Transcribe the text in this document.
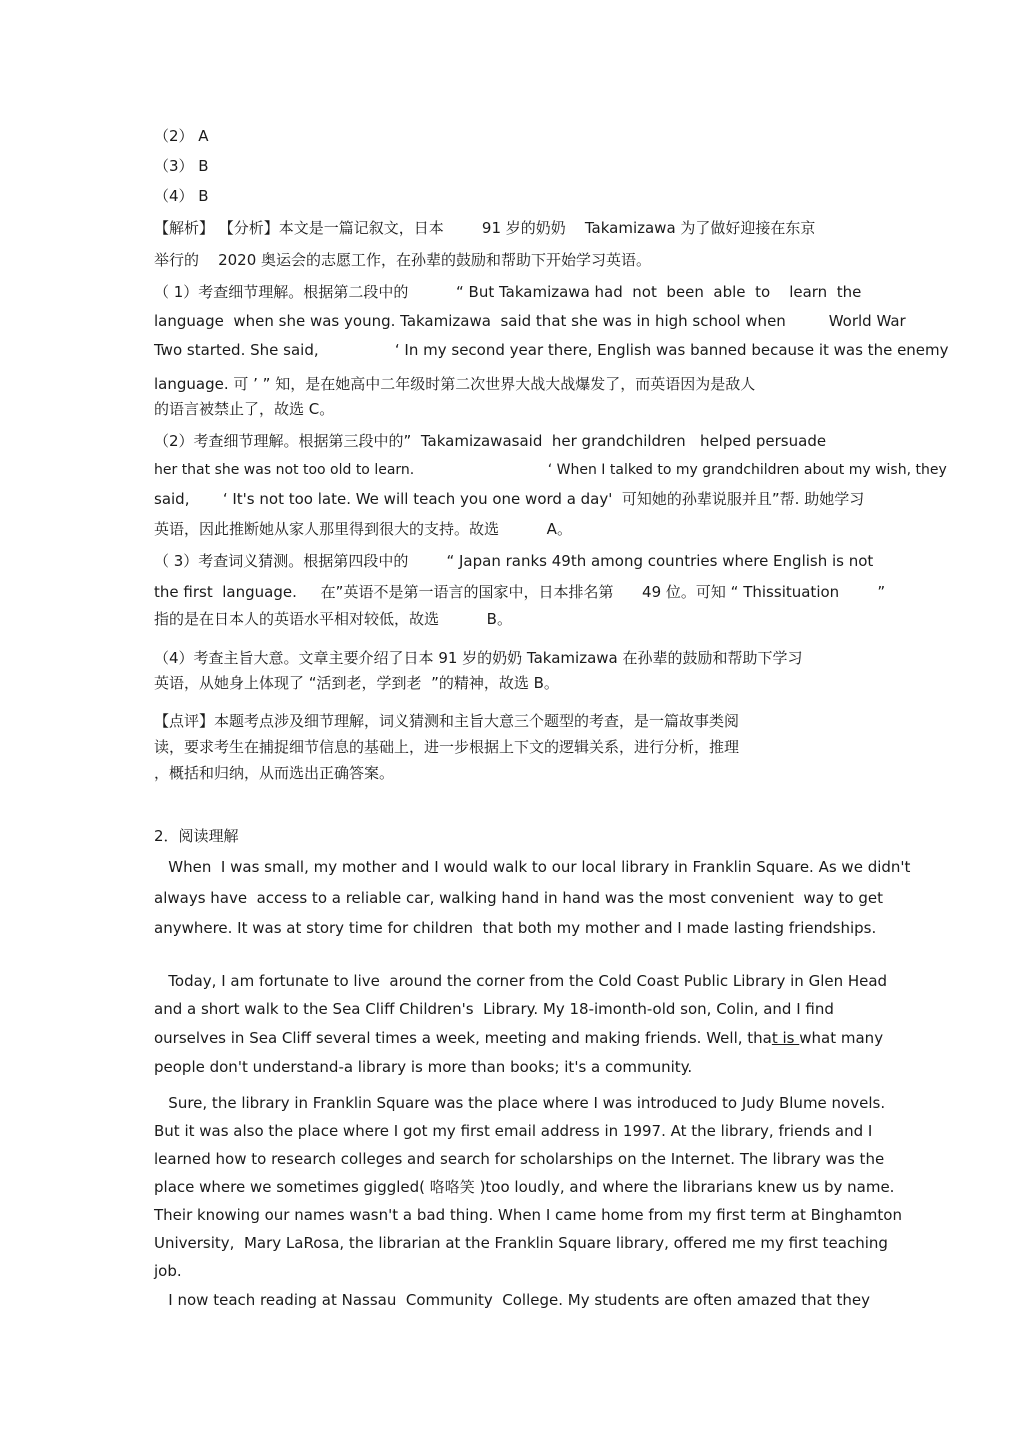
（2） A
（3） B
（4） B
【解析】 【分析】本文是一篇记叙文，日本        91 岁的奶奶    Takamizawa 为了做好迎接在东京
举行的    2020 奥运会的志愿工作，在孙辈的鼓励和帮助下开始学习英语。
（ 1）考查细节理解。根据第二段中的          “ But Takamizawa had  not  been  able  to    learn  the
language  when she was young. Takamizawa  said that she was in high school when         World War
Two started. She said,                ‘ In my second year there, English was banned because it was the enemy
language. 可 ’ ” 知，是在她高中二年级时第二次世界大战大战爆发了，而英语因为是敌人
的语言被禁止了，故选 C。
（2）考查细节理解。根据第三段中的”  Takamizawasaid  her grandchildren   helped persuade
her that she was not too old to learn.                              ‘ When I talked to my grandchildren about my wish, they
said,       ‘ It's not too late. We will teach you one word a day'  可知她的孙辈说服并且”帮. 助她学习
英语，因此推断她从家人那里得到很大的支持。故选          A。
（ 3）考查词义猜测。根据第四段中的        “ Japan ranks 49th among countries where English is not
the first  language.     在”英语不是第一语言的国家中，日本排名第      49 位。可知 “ Thissituation        ”
指的是在日本人的英语水平相对较低，故选          B。
（4）考查主旨大意。文章主要介绍了日本 91 岁的奶奶 Takamizawa 在孙辈的鼓励和帮助下学习
英语，从她身上体现了 “活到老，学到老  ”的精神，故选 B。
【点评】本题考点涉及细节理解，词义猜测和主旨大意三个题型的考查，是一篇故事类阅
读，要求考生在捕捉细节信息的基础上，进一步根据上下文的逻辑关系，进行分析，推理
，概括和归纳，从而选出正确答案。
2．阅读理解
When  I was small, my mother and I would walk to our local library in Franklin Square. As we didn't
always have  access to a reliable car, walking hand in hand was the most convenient  way to get
anywhere. It was at story time for children  that both my mother and I made lasting friendships.
Today, I am fortunate to live  around the corner from the Cold Coast Public Library in Glen Head
and a short walk to the Sea Cliff Children's  Library. My 18-imonth-old son, Colin, and I find
ourselves in Sea Cliff several times a week, meeting and making friends. Well, that is what many
people don't understand-a library is more than books; it's a community.
Sure, the library in Franklin Square was the place where I was introduced to Judy Blume novels.
But it was also the place where I got my first email address in 1997. At the library, friends and I
learned how to research colleges and search for scholarships on the Internet. The library was the
place where we sometimes giggled( 咯咯笑 )too loudly, and where the librarians knew us by name.
Their knowing our names wasn't a bad thing. When I came home from my first term at Binghamton
University,  Mary LaRosa, the librarian at the Franklin Square library, offered me my first teaching
job.
I now teach reading at Nassau  Community  College. My students are often amazed that they
